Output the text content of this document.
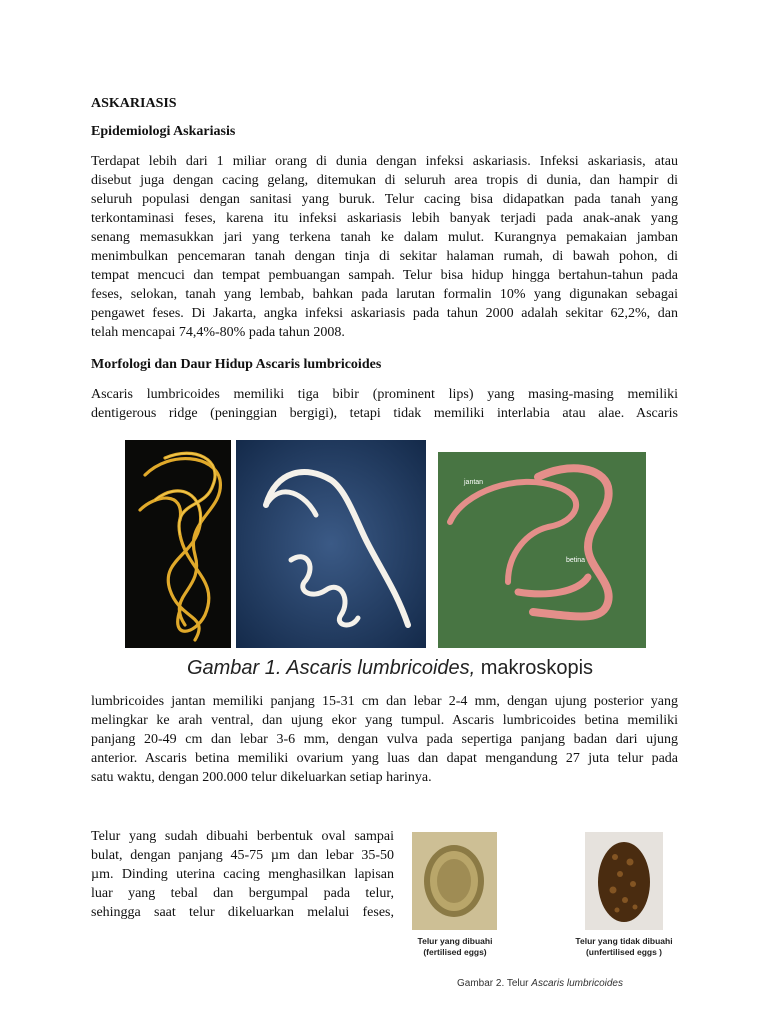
ASKARIASIS
Epidemiologi Askariasis
Terdapat lebih dari 1 miliar orang di dunia dengan infeksi askariasis. Infeksi askariasis, atau
disebut juga dengan cacing gelang, ditemukan di seluruh area tropis di dunia, dan hampir di
seluruh populasi dengan sanitasi yang buruk. Telur cacing bisa didapatkan pada tanah yang
terkontaminasi feses, karena itu infeksi askariasis lebih banyak terjadi pada anak-anak yang
senang memasukkan jari yang terkena tanah ke dalam mulut. Kurangnya pemakaian jamban
menimbulkan pencemaran tanah dengan tinja di sekitar halaman rumah, di bawah pohon, di
tempat mencuci dan tempat pembuangan sampah. Telur bisa hidup hingga bertahun-tahun pada
feses, selokan, tanah yang lembab, bahkan pada larutan formalin 10% yang digunakan sebagai
pengawet feses. Di Jakarta, angka infeksi askariasis pada tahun 2000 adalah sekitar 62,2%, dan
telah mencapai 74,4%-80% pada tahun 2008.
Morfologi dan Daur Hidup Ascaris lumbricoides
Ascaris lumbricoides memiliki tiga bibir (prominent lips) yang masing-masing memiliki
dentigerous ridge (peninggian bergigi), tetapi tidak memiliki interlabia atau alae. Ascaris
jantan
betina
Gambar 1. Ascaris lumbricoides, makroskopis
lumbricoides jantan memiliki panjang 15-31 cm dan lebar 2-4 mm, dengan ujung posterior yang
melingkar ke arah ventral, dan ujung ekor yang tumpul. Ascaris lumbricoides betina memiliki
panjang 20-49 cm dan lebar 3-6 mm, dengan vulva pada sepertiga panjang badan dari ujung
anterior. Ascaris betina memiliki ovarium yang luas dan dapat mengandung 27 juta telur pada
satu waktu, dengan 200.000 telur dikeluarkan setiap harinya.
Telur yang sudah dibuahi berbentuk oval sampai
bulat, dengan panjang 45-75 µm dan lebar 35-50
µm. Dinding uterina cacing menghasilkan lapisan
luar yang tebal dan bergumpal pada telur,
sehingga saat telur dikeluarkan melalui feses,
Telur yang dibuahi
(fertilised eggs)
Telur yang tidak dibuahi
(unfertilised eggs )
Gambar 2. Telur Ascaris lumbricoides
